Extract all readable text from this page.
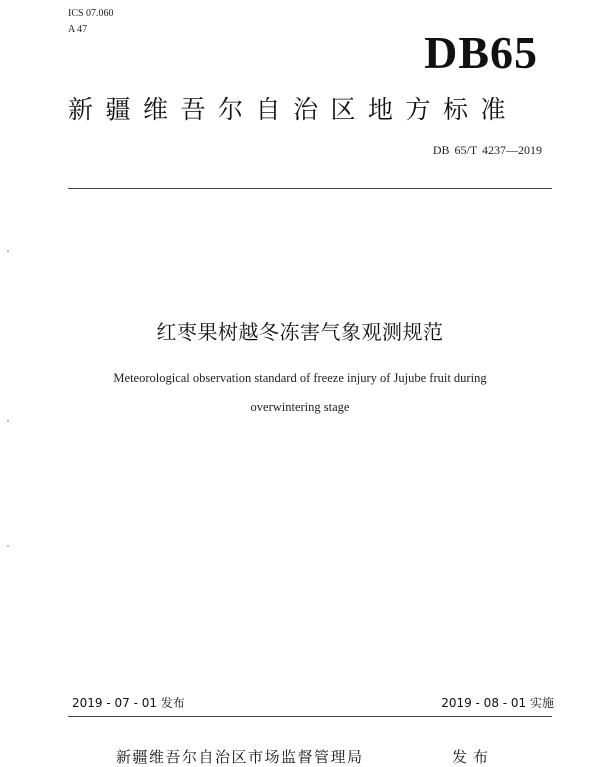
ICS 07.060
A 47	DB65
新疆维吾尔自治区地方标准
DB 65/T 4237—2019
红枣果树越冬冻害气象观测规范
Meteorological observation standard of freeze injury of Jujube fruit during
overwintering stage
2019 - 07 - 01 发布	2019 - 08 - 01 实施
新疆维吾尔自治区市场监督管理局	发布
